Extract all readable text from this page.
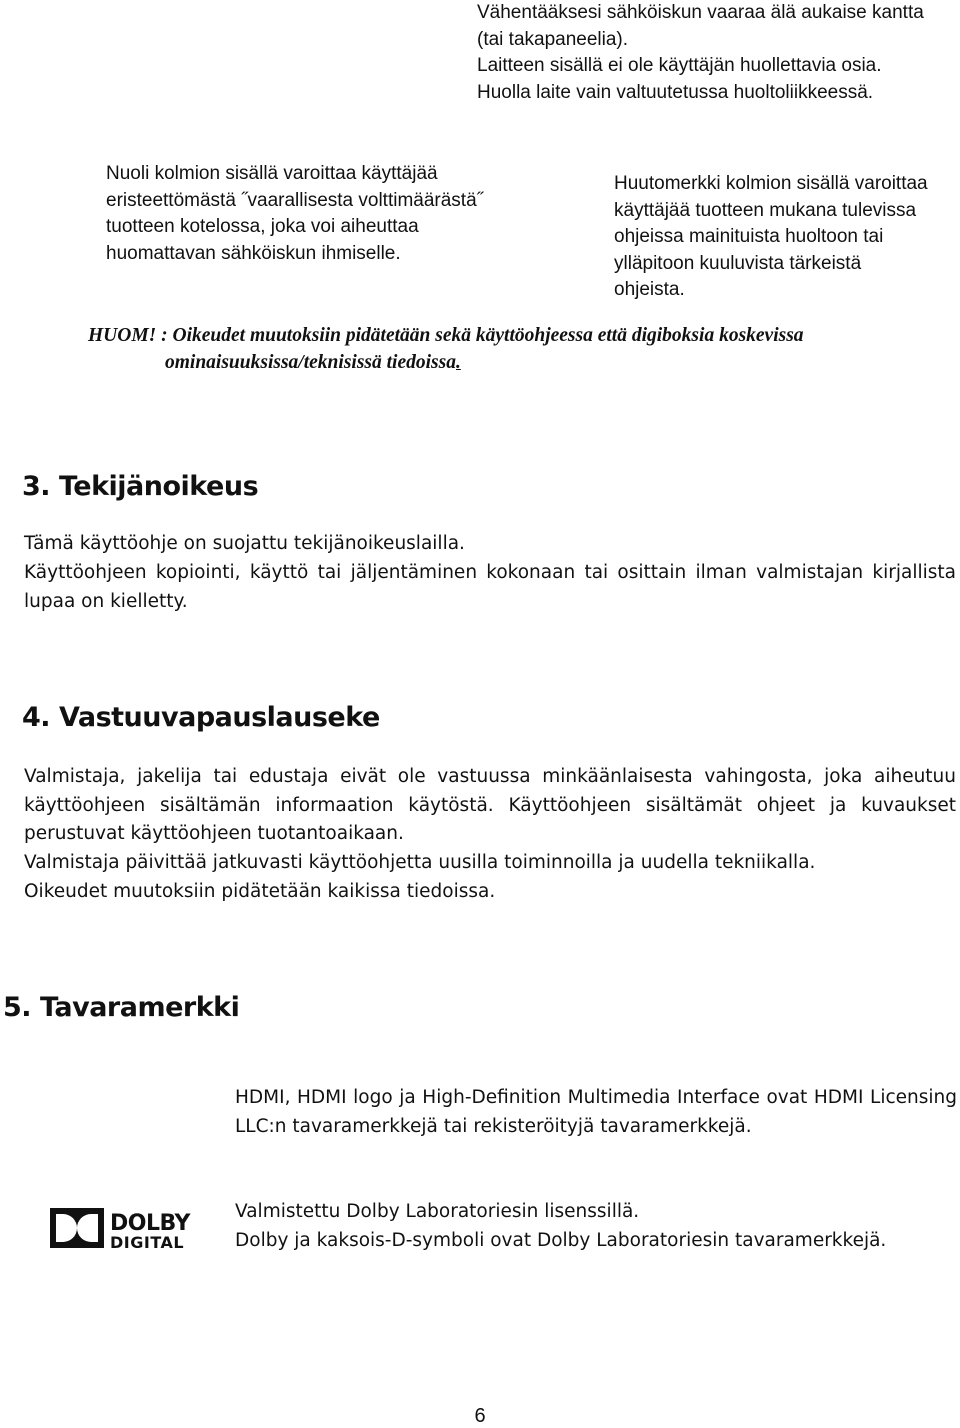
Vähentääksesi sähköiskun vaaraa älä aukaise kantta
(tai takapaneelia).
Laitteen sisällä ei ole käyttäjän huollettavia osia.
Huolla laite vain valtuutetussa huoltoliikkeessä.
Nuoli kolmion sisällä varoittaa käyttäjää
eristeettömästä ˝vaarallisesta volttimäärästä˝
tuotteen kotelossa, joka voi aiheuttaa
huomattavan sähköiskun ihmiselle.
Huutomerkki kolmion sisällä varoittaa
käyttäjää tuotteen mukana tulevissa
ohjeissa mainituista huoltoon tai
ylläpitoon kuuluvista tärkeistä
ohjeista.
HUOM! : Oikeudet muutoksiin pidätetään sekä käyttöohjeessa että digiboksia koskevissa
ominaisuuksissa/teknisissä tiedoissa.
3. Tekijänoikeus
Tämä käyttöohje on suojattu tekijänoikeuslailla.
Käyttöohjeen kopiointi, käyttö tai jäljentäminen kokonaan tai osittain ilman valmistajan kirjallista lupaa on kielletty.
4. Vastuuvapauslauseke
Valmistaja, jakelija tai edustaja eivät ole vastuussa minkäänlaisesta vahingosta, joka aiheutuu käyttöohjeen sisältämän informaation käytöstä. Käyttöohjeen sisältämät ohjeet ja kuvaukset perustuvat käyttöohjeen tuotantoaikaan.
Valmistaja päivittää jatkuvasti käyttöohjetta uusilla toiminnoilla ja uudella tekniikalla.
Oikeudet muutoksiin pidätetään kaikissa tiedoissa.
5. Tavaramerkki
HDMI, HDMI logo ja High-Definition Multimedia Interface ovat HDMI Licensing LLC:n tavaramerkkejä tai rekisteröityjä tavaramerkkejä.
DOLBY
DIGITAL
Valmistettu Dolby Laboratoriesin lisenssillä.
Dolby ja kaksois-D-symboli ovat Dolby Laboratoriesin tavaramerkkejä.
6
